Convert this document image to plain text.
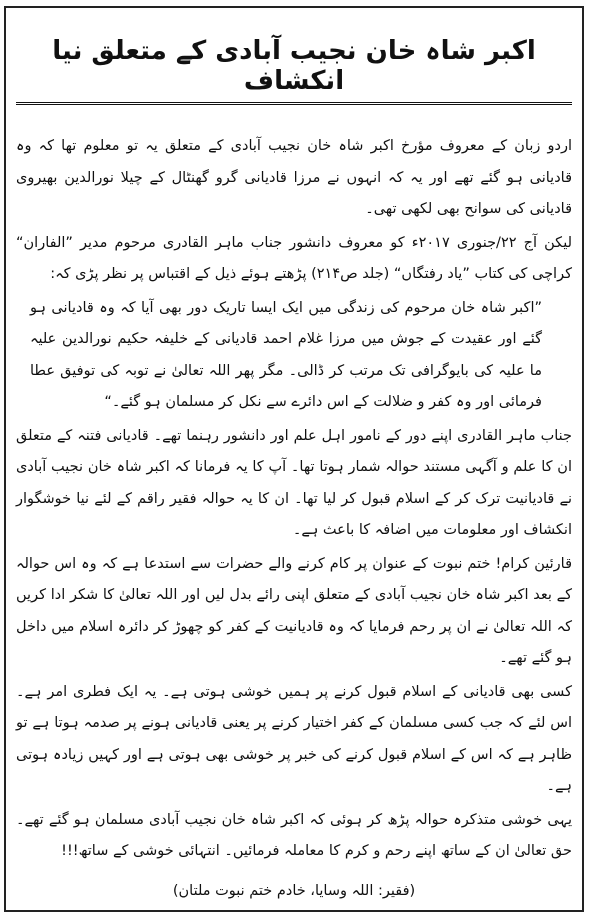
اکبر شاہ خان نجیب آبادی کے متعلق نیا انکشاف

اردو زبان کے معروف مؤرخ اکبر شاہ خان نجیب آبادی کے متعلق یہ تو معلوم تھا کہ وہ قادیانی ہو گئے تھے اور یہ کہ انہوں نے مرزا قادیانی گرو گھنٹال کے چیلا نورالدین بھیروی قادیانی کی سوانح بھی لکھی تھی۔

لیکن آج ۲۲/جنوری ۲۰۱۷ء کو معروف دانشور جناب ماہر القادری مرحوم مدیر ”الفاران“ کراچی کی کتاب ”یاد رفتگاں“ (جلد ص۲۱۴) پڑھتے ہوئے ذیل کے اقتباس پر نظر پڑی کہ:

”اکبر شاہ خان مرحوم کی زندگی میں ایک ایسا تاریک دور بھی آیا کہ وہ قادیانی ہو گئے اور عقیدت کے جوش میں مرزا غلام احمد قادیانی کے خلیفہ حکیم نورالدین علیہ ما علیہ کی بایوگرافی تک مرتب کر ڈالی۔ مگر پھر اللہ تعالیٰ نے توبہ کی توفیق عطا فرمائی اور وہ کفر و ضلالت کے اس دائرے سے نکل کر مسلمان ہو گئے۔“

جناب ماہر القادری اپنے دور کے نامور اہل علم اور دانشور رہنما تھے۔ قادیانی فتنہ کے متعلق ان کا علم و آگہی مستند حوالہ شمار ہوتا تھا۔ آپ کا یہ فرمانا کہ اکبر شاہ خان نجیب آبادی نے قادیانیت ترک کر کے اسلام قبول کر لیا تھا۔ ان کا یہ حوالہ فقیر راقم کے لئے نیا خوشگوار انکشاف اور معلومات میں اضافہ کا باعث ہے۔

قارئین کرام! ختم نبوت کے عنوان پر کام کرنے والے حضرات سے استدعا ہے کہ وہ اس حوالہ کے بعد اکبر شاہ خان نجیب آبادی کے متعلق اپنی رائے بدل لیں اور اللہ تعالیٰ کا شکر ادا کریں کہ اللہ تعالیٰ نے ان پر رحم فرمایا کہ وہ قادیانیت کے کفر کو چھوڑ کر دائرہ اسلام میں داخل ہو گئے تھے۔

کسی بھی قادیانی کے اسلام قبول کرنے پر ہمیں خوشی ہوتی ہے۔ یہ ایک فطری امر ہے۔ اس لئے کہ جب کسی مسلمان کے کفر اختیار کرنے پر یعنی قادیانی ہونے پر صدمہ ہوتا ہے تو ظاہر ہے کہ اس کے اسلام قبول کرنے کی خبر پر خوشی بھی ہوتی ہے اور کہیں زیادہ ہوتی ہے۔

یہی خوشی متذکرہ حوالہ پڑھ کر ہوئی کہ اکبر شاہ خان نجیب آبادی مسلمان ہو گئے تھے۔ حق تعالیٰ ان کے ساتھ اپنے رحم و کرم کا معاملہ فرمائیں۔ انتہائی خوشی کے ساتھ!!!

(فقیر: اللہ وسایا، خادم ختم نبوت ملتان)
